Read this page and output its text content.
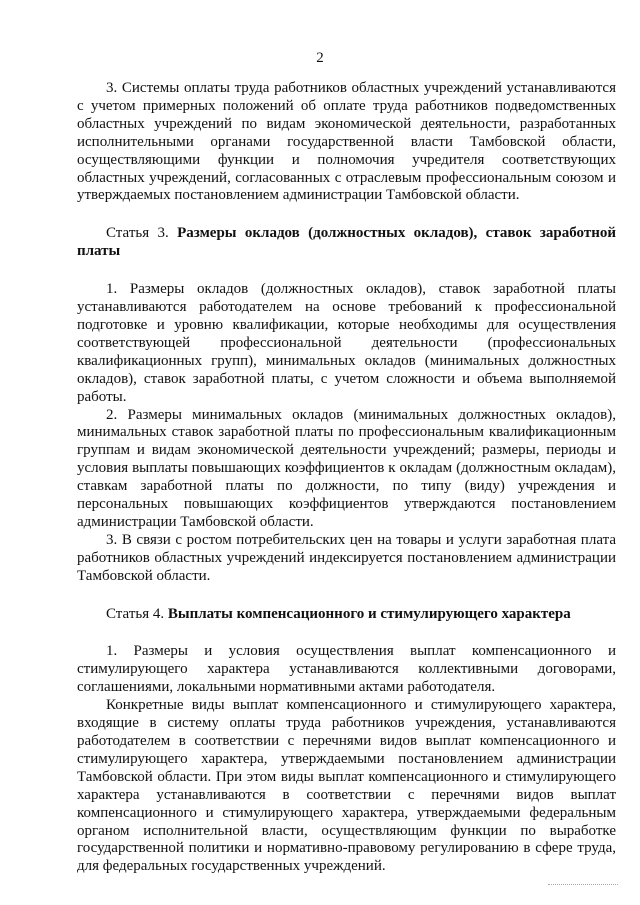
2

3. Системы оплаты труда работников областных учреждений устанавливаются с учетом примерных положений об оплате труда работников подведомственных областных учреждений по видам экономической деятельности, разработанных исполнительными органами государственной власти Тамбовской области, осуществляющими функции и полномочия учредителя соответствующих областных учреждений, согласованных с отраслевым профессиональным союзом и утверждаемых постановлением администрации Тамбовской области.

Статья 3. Размеры окладов (должностных окладов), ставок заработной платы

1. Размеры окладов (должностных окладов), ставок заработной платы устанавливаются работодателем на основе требований к профессиональной подготовке и уровню квалификации, которые необходимы для осуществления соответствующей профессиональной деятельности (профессиональных квалификационных групп), минимальных окладов (минимальных должностных окладов), ставок заработной платы, с учетом сложности и объема выполняемой работы.

2. Размеры минимальных окладов (минимальных должностных окладов), минимальных ставок заработной платы по профессиональным квалификационным группам и видам экономической деятельности учреждений; размеры, периоды и условия выплаты повышающих коэффициентов к окладам (должностным окладам), ставкам заработной платы по должности, по типу (виду) учреждения и персональных повышающих коэффициентов утверждаются постановлением администрации Тамбовской области.

3. В связи с ростом потребительских цен на товары и услуги заработная плата работников областных учреждений индексируется постановлением администрации Тамбовской области.

Статья 4. Выплаты компенсационного и стимулирующего характера

1. Размеры и условия осуществления выплат компенсационного и стимулирующего характера устанавливаются коллективными договорами, соглашениями, локальными нормативными актами работодателя.

Конкретные виды выплат компенсационного и стимулирующего характера, входящие в систему оплаты труда работников учреждения, устанавливаются работодателем в соответствии с перечнями видов выплат компенсационного и стимулирующего характера, утверждаемыми постановлением администрации Тамбовской области. При этом виды выплат компенсационного и стимулирующего характера устанавливаются в соответствии с перечнями видов выплат компенсационного и стимулирующего характера, утверждаемыми федеральным органом исполнительной власти, осуществляющим функции по выработке государственной политики и нормативно-правовому регулированию в сфере труда, для федеральных государственных учреждений.
